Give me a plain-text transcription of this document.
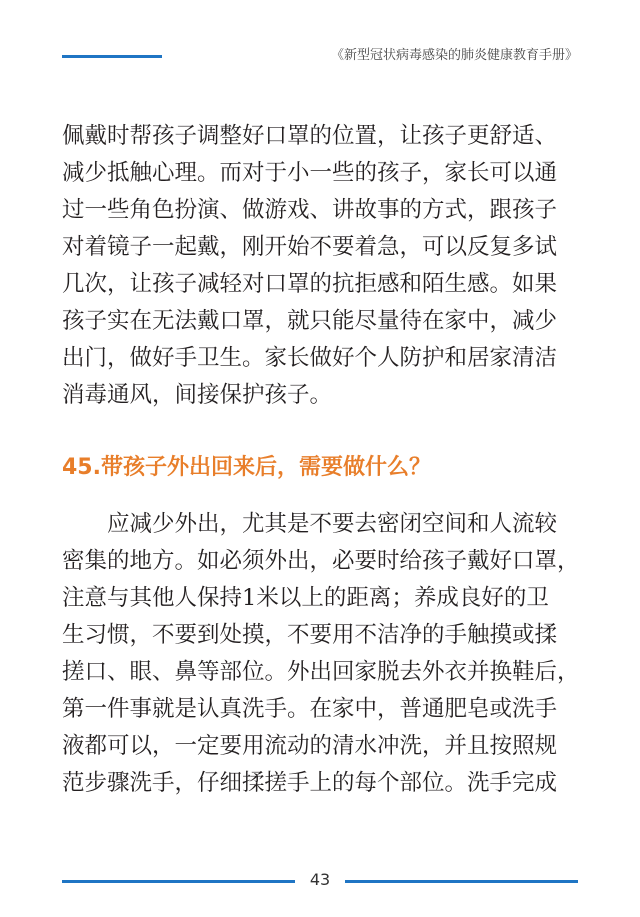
《新型冠状病毒感染的肺炎健康教育手册》
佩戴时帮孩子调整好口罩的位置，让孩子更舒适、
减少抵触心理。而对于小一些的孩子，家长可以通
过一些角色扮演、做游戏、讲故事的方式，跟孩子
对着镜子一起戴，刚开始不要着急，可以反复多试
几次，让孩子减轻对口罩的抗拒感和陌生感。如果
孩子实在无法戴口罩，就只能尽量待在家中，减少
出门，做好手卫生。家长做好个人防护和居家清洁
消毒通风，间接保护孩子。
45.带孩子外出回来后，需要做什么？
应减少外出，尤其是不要去密闭空间和人流较
密集的地方。如必须外出，必要时给孩子戴好口罩，
注意与其他人保持1米以上的距离；养成良好的卫
生习惯，不要到处摸，不要用不洁净的手触摸或揉
搓口、眼、鼻等部位。外出回家脱去外衣并换鞋后，
第一件事就是认真洗手。在家中，普通肥皂或洗手
液都可以，一定要用流动的清水冲洗，并且按照规
范步骤洗手，仔细揉搓手上的每个部位。洗手完成
43
